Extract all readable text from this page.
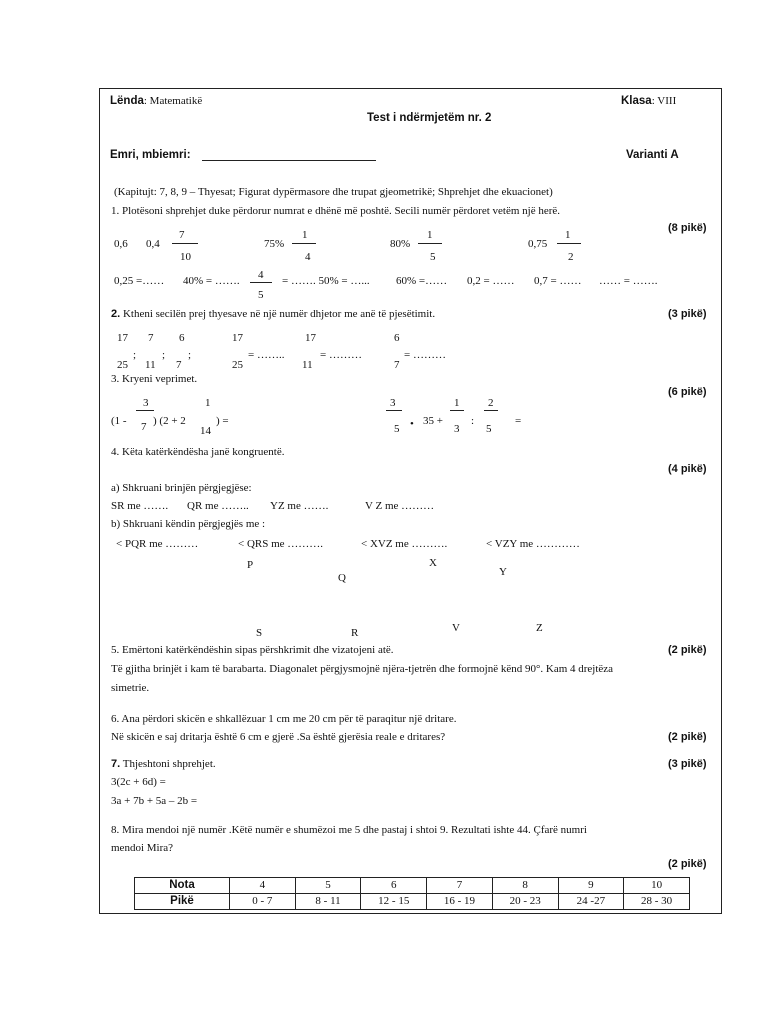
Lënda: Matematikë	Klasa: VIII
Test i ndërmjetëm nr. 2
Emri, mbiemri:	Varianti A
(Kapitujt: 7, 8, 9 – Thyesat; Figurat dypërmasore dhe trupat gjeometrikë; Shprehjet dhe ekuacionet)
1. Plotësoni shprehjet duke përdorur numrat e dhënë më poshtë. Secili numër përdoret vetëm një herë.
(8 pikë)
0,6 0,4
7
10
75%
1
4
80%
1
5
0,75
1
2
0,25 =…… 40% = ……. 4
5
= ……. 50% = …... 60% =…… 0,2 = …… 0,7 = …… …… = …….
2. Ktheni secilën prej thyesave në një numër dhjetor me anë të pjesëtimit.	(3 pikë)
17
25
;
7
11
;
6
7
;
17
25
= ……..
17
11
= ………
6
7
= ………
3. Kryeni veprimet.
(6 pikë)
(1 -
3
7 ) (2 + 2
1
14
) =
3
5 • 35 +
1
3
:
2
5
=
4. Këta katërkëndësha janë kongruentë.
(4 pikë)
a) Shkruani brinjën përgjegjëse:
SR me ……. QR me …….. YZ me …….	V Z me ………
b) Shkruani këndin përgjegjës me :
< PQR me ………	< QRS me ……….	< XVZ me ……….	< VZY me …………
P
Q
X
Y
S	R	V	Z
5. Emërtoni katërkëndëshin sipas përshkrimit dhe vizatojeni atë.	(2 pikë)
Të gjitha brinjët i kam të barabarta. Diagonalet përgjysmojnë njëra-tjetrën dhe formojnë kënd 90°. Kam 4 drejtëza
simetrie.
6. Ana përdori skicën e shkallëzuar 1 cm me 20 cm për të paraqitur një dritare.
Në skicën e saj dritarja është 6 cm e gjerë .Sa është gjerësia reale e dritares?	(2 pikë)
7. Thjeshtoni shprehjet.	(3 pikë)
3(2c + 6d) =
3a + 7b + 5a – 2b =
8. Mira mendoi një numër .Këtë numër e shumëzoi me 5 dhe pastaj i shtoi 9. Rezultati ishte 44. Çfarë numri
mendoi Mira?
(2 pikë)
Nota	4	5	6	7	8	9	10
Pikë	0 - 7	8 - 11	12 - 15	16 - 19	20 - 23	24 -27	28 - 30
